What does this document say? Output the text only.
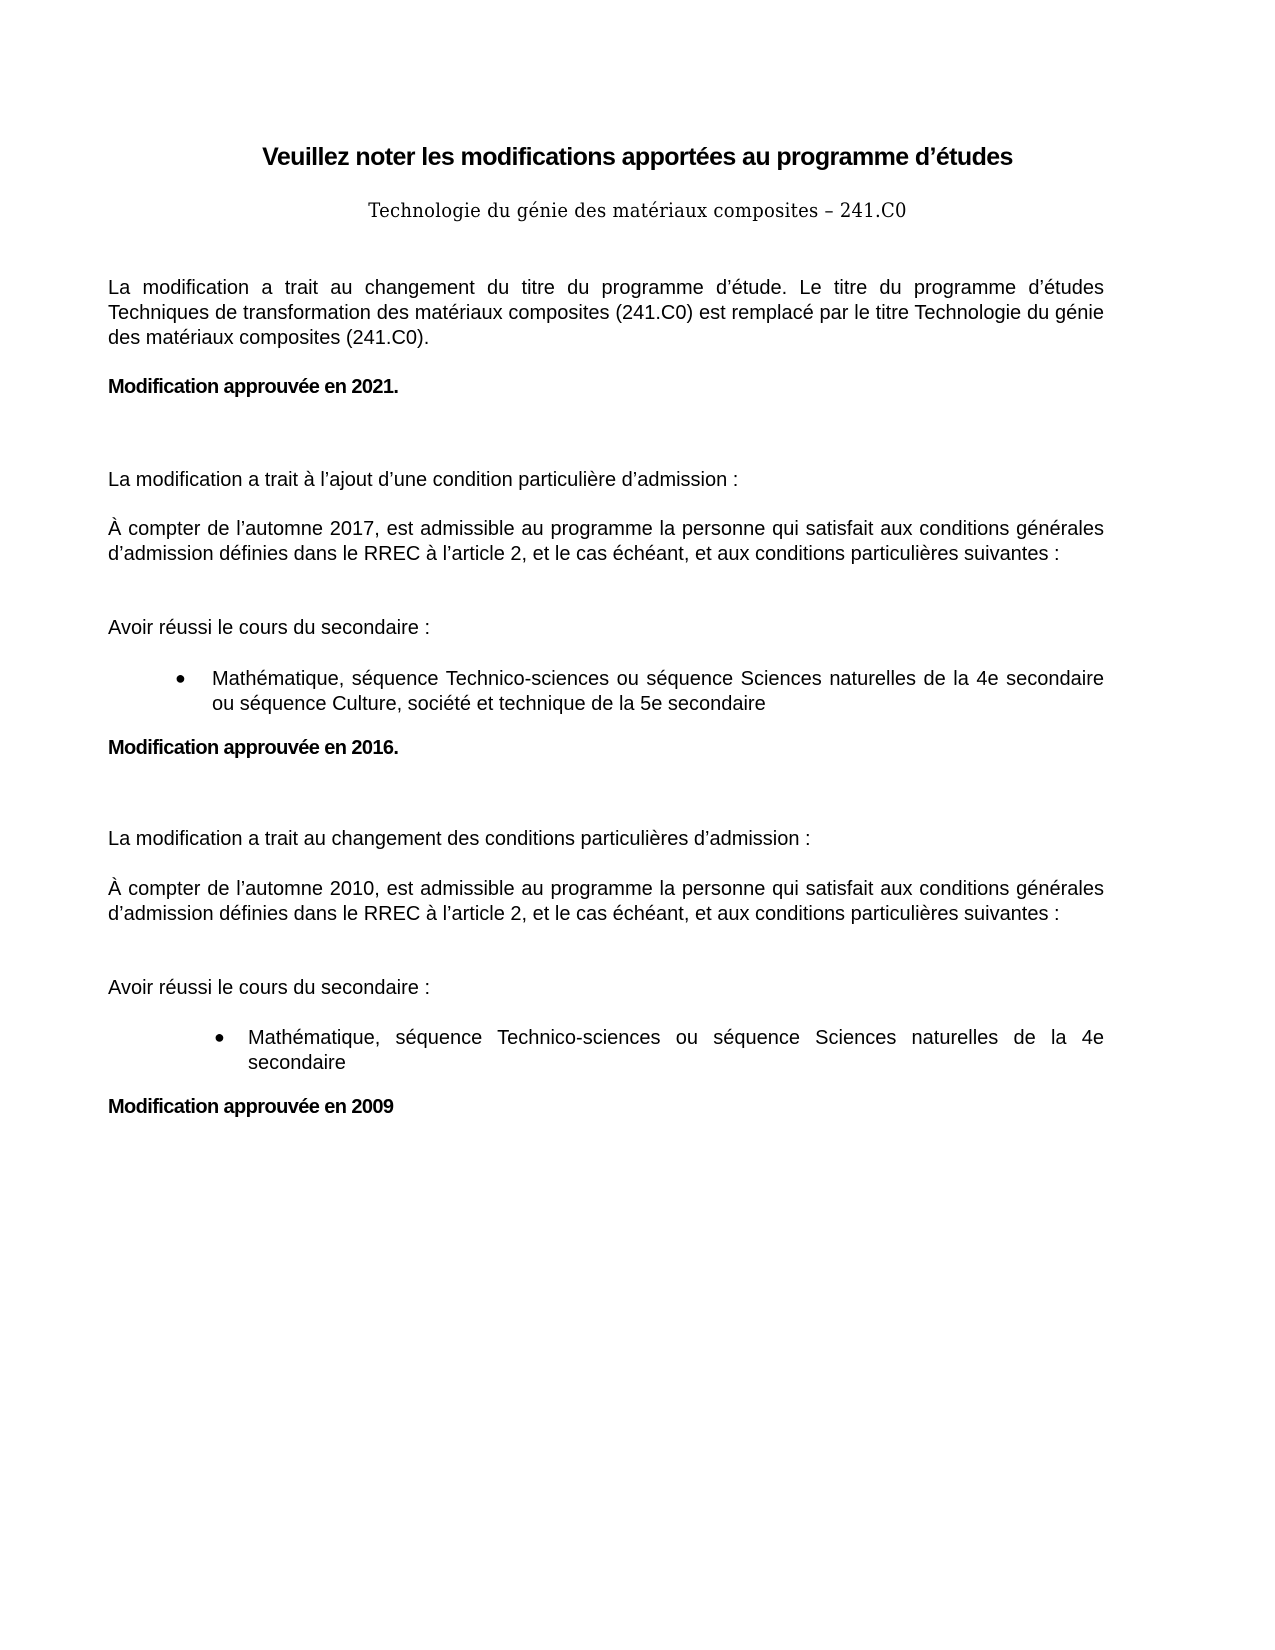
Veuillez noter les modifications apportées au programme d’études

Technologie du génie des matériaux composites – 241.C0

La modification a trait au changement du titre du programme d’étude. Le titre du programme d’études Techniques de transformation des matériaux composites (241.C0) est remplacé par le titre Technologie du génie des matériaux composites (241.C0).

Modification approuvée en 2021.

La modification a trait à l’ajout d’une condition particulière d’admission :

À compter de l’automne 2017, est admissible au programme la personne qui satisfait aux conditions générales d’admission définies dans le RREC à l’article 2, et le cas échéant, et aux conditions particulières suivantes :

Avoir réussi le cours du secondaire :

● Mathématique, séquence Technico-sciences ou séquence Sciences naturelles de la 4e secondaire ou séquence Culture, société et technique de la 5e secondaire

Modification approuvée en 2016.

La modification a trait au changement des conditions particulières d’admission :

À compter de l’automne 2010, est admissible au programme la personne qui satisfait aux conditions générales d’admission définies dans le RREC à l’article 2, et le cas échéant, et aux conditions particulières suivantes :

Avoir réussi le cours du secondaire :

● Mathématique, séquence Technico-sciences ou séquence Sciences naturelles de la 4e secondaire

Modification approuvée en 2009
